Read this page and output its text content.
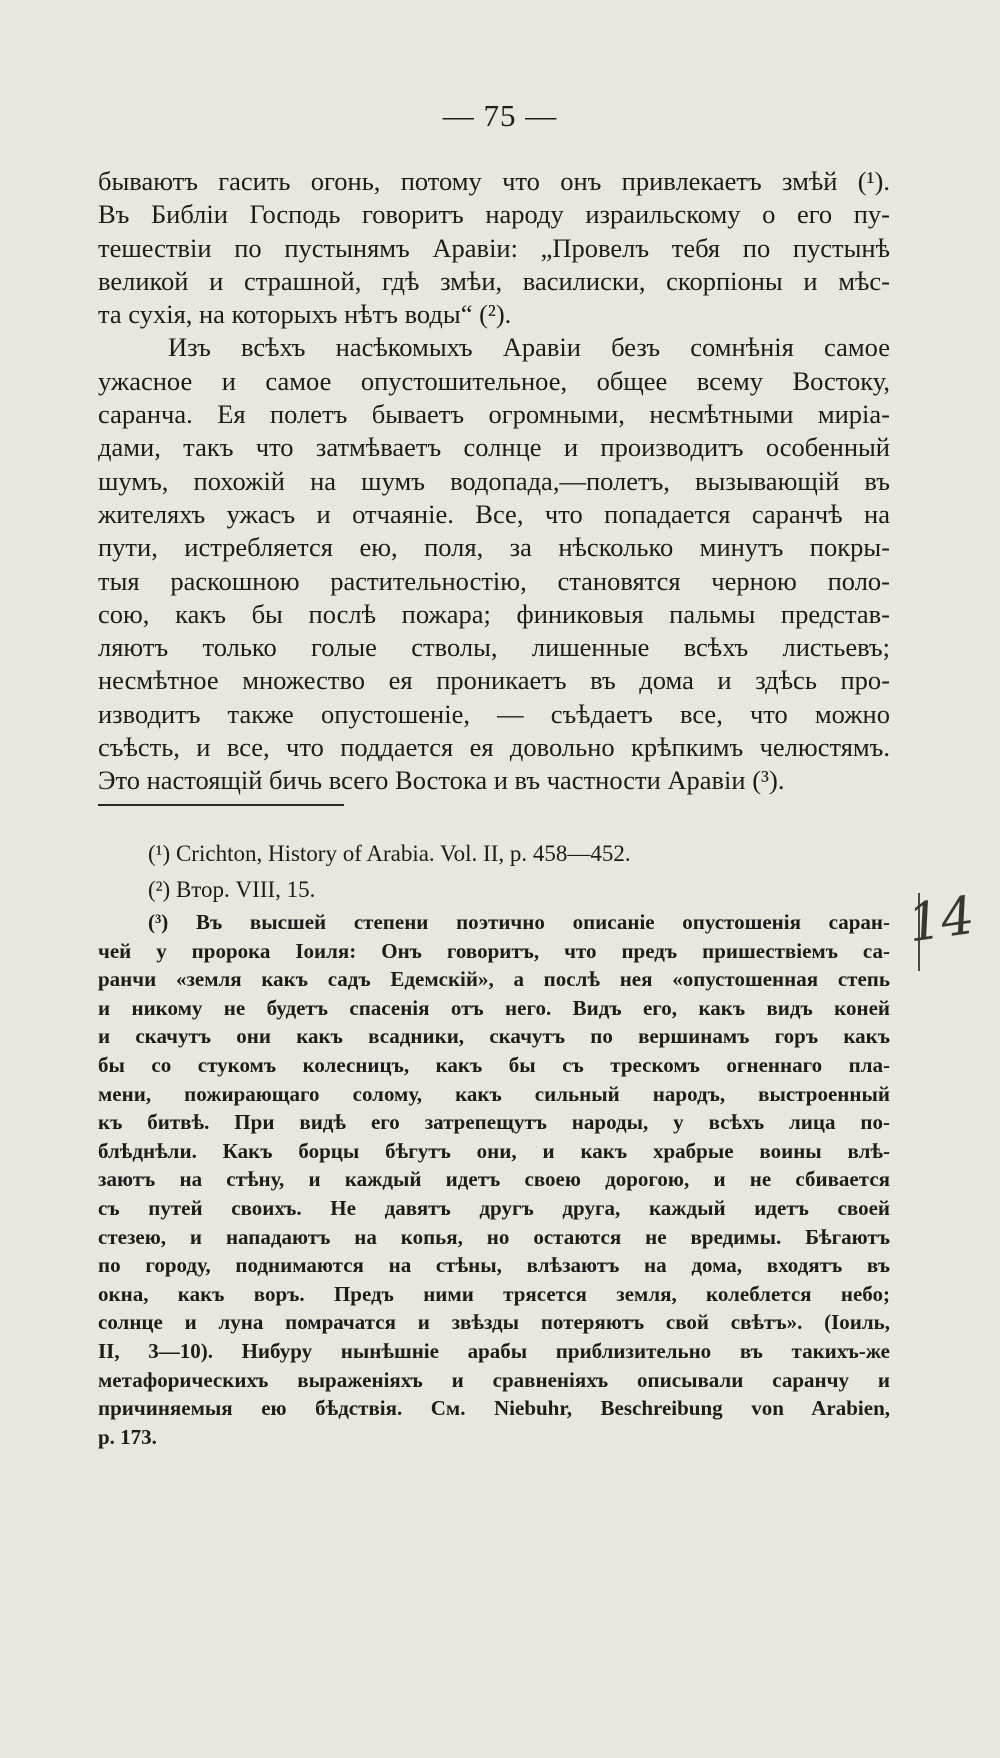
— 75 —
бываютъ гасить огонь, потому что онъ привлекаетъ змѣй (¹).
Въ Библіи Господь говоритъ народу израильскому о его пу-
тешествіи по пустынямъ Аравіи: „Провелъ тебя по пустынѣ
великой и страшной, гдѣ змѣи, василиски, скорпіоны и мѣс-
та сухія, на которыхъ нѣтъ воды“ (²).
Изъ всѣхъ насѣкомыхъ Аравіи безъ сомнѣнія самое
ужасное и самое опустошительное, общее всему Востоку,
саранча. Ея полетъ бываетъ огромными, несмѣтными миріа-
дами, такъ что затмѣваетъ солнце и производитъ особенный
шумъ, похожій на шумъ водопада,—полетъ, вызывающій въ
жителяхъ ужасъ и отчаяніе. Все, что попадается саранчѣ на
пути, истребляется ею, поля, за нѣсколько минутъ покры-
тыя раскошною растительностію, становятся черною поло-
сою, какъ бы послѣ пожара; финиковыя пальмы представ-
ляютъ только голые стволы, лишенные всѣхъ листьевъ;
несмѣтное множество ея проникаетъ въ дома и здѣсь про-
изводитъ также опустошеніе, — съѣдаетъ все, что можно
съѣсть, и все, что поддается ея довольно крѣпкимъ челюстямъ.
Это настоящій бичь всего Востока и въ частности Аравіи (³).
(¹) Crichton, History of Arabia. Vol. II, p. 458—452.
(²) Втор. VIII, 15.
(³) Въ высшей степени поэтично описаніе опустошенія саран-
чей у пророка Іоиля: Онъ говоритъ, что предъ пришествіемъ са-
ранчи «земля какъ садъ Едемскій», а послѣ нея «опустошенная степь
и никому не будетъ спасенія отъ него. Видъ его, какъ видъ коней
и скачутъ они какъ всадники, скачутъ по вершинамъ горъ какъ
бы со стукомъ колесницъ, какъ бы съ трескомъ огненнаго пла-
мени, пожирающаго солому, какъ сильный народъ, выстроенный
къ битвѣ. При видѣ его затрепещутъ народы, у всѣхъ лица по-
блѣднѣли. Какъ борцы бѣгутъ они, и какъ храбрые воины влѣ-
заютъ на стѣну, и каждый идетъ своею дорогою, и не сбивается
съ путей своихъ. Не давятъ другъ друга, каждый идетъ своей
стезею, и нападаютъ на копья, но остаются не вредимы. Бѣгаютъ
по городу, поднимаются на стѣны, влѣзаютъ на дома, входятъ въ
окна, какъ воръ. Предъ ними трясется земля, колеблется небо;
солнце и луна помрачатся и звѣзды потеряютъ свой свѣтъ». (Іоиль,
II, 3—10). Нибуру нынѣшніе арабы приблизительно въ такихъ-же
метафорическихъ выраженіяхъ и сравненіяхъ описывали саранчу и
причиняемыя ею бѣдствія. См. Niebuhr, Beschreibung von Arabien,
p. 173.
14
